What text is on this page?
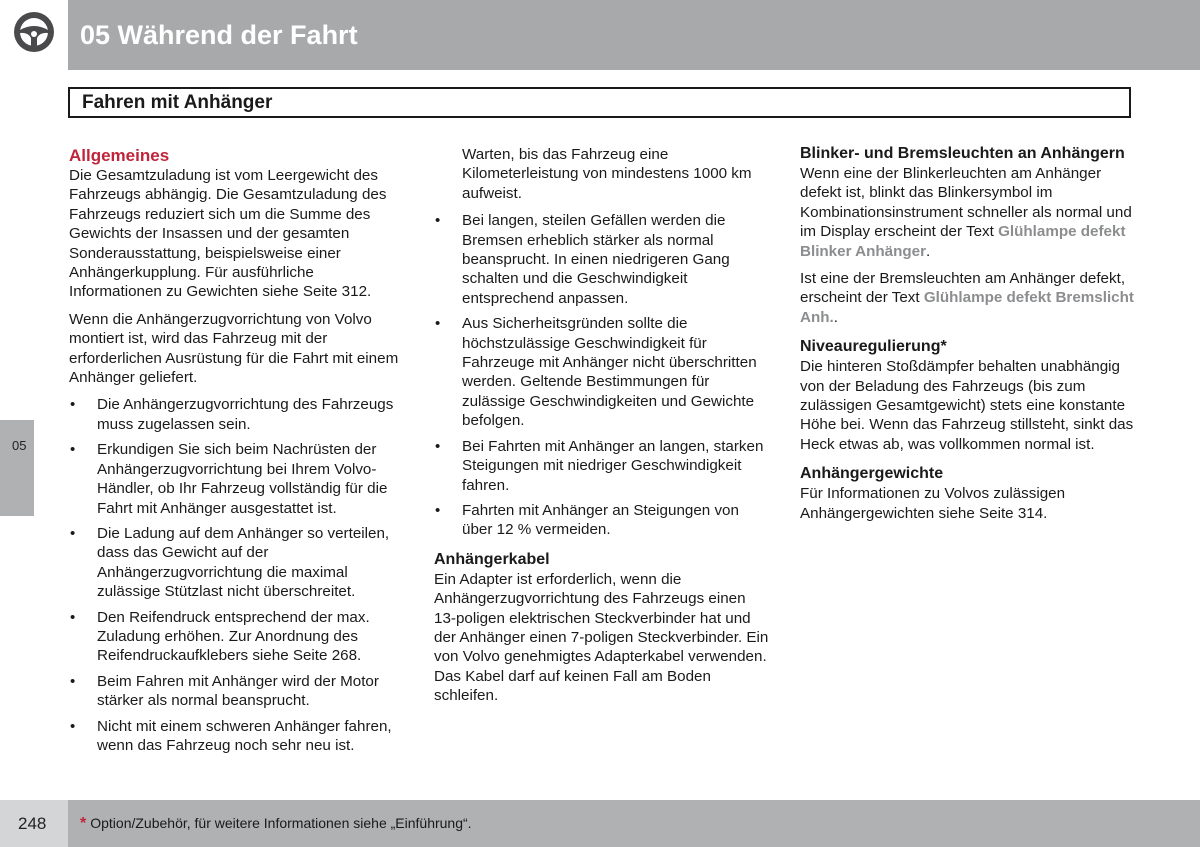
05 Während der Fahrt
05
Fahren mit Anhänger
Allgemeines

Die Gesamtzuladung ist vom Leergewicht des Fahrzeugs abhängig. Die Gesamtzuladung des Fahrzeugs reduziert sich um die Summe des Gewichts der Insassen und der gesamten Sonderausstattung, beispielsweise einer Anhängerkupplung. Für ausführliche Informationen zu Gewichten siehe Seite 312.

Wenn die Anhängerzugvorrichtung von Volvo montiert ist, wird das Fahrzeug mit der erforderlichen Ausrüstung für die Fahrt mit einem Anhänger geliefert.

• Die Anhängerzugvorrichtung des Fahrzeugs muss zugelassen sein.
• Erkundigen Sie sich beim Nachrüsten der Anhängerzugvorrichtung bei Ihrem Volvo-Händler, ob Ihr Fahrzeug vollständig für die Fahrt mit Anhänger ausgestattet ist.
• Die Ladung auf dem Anhänger so verteilen, dass das Gewicht auf der Anhängerzugvorrichtung die maximal zulässige Stützlast nicht überschreitet.
• Den Reifendruck entsprechend der max. Zuladung erhöhen. Zur Anordnung des Reifendruckaufklebers siehe Seite 268.
• Beim Fahren mit Anhänger wird der Motor stärker als normal beansprucht.
• Nicht mit einem schweren Anhänger fahren, wenn das Fahrzeug noch sehr neu ist.

Warten, bis das Fahrzeug eine Kilometerleistung von mindestens 1000 km aufweist.

• Bei langen, steilen Gefällen werden die Bremsen erheblich stärker als normal beansprucht. In einen niedrigeren Gang schalten und die Geschwindigkeit entsprechend anpassen.
• Aus Sicherheitsgründen sollte die höchstzulässige Geschwindigkeit für Fahrzeuge mit Anhänger nicht überschritten werden. Geltende Bestimmungen für zulässige Geschwindigkeiten und Gewichte befolgen.
• Bei Fahrten mit Anhänger an langen, starken Steigungen mit niedriger Geschwindigkeit fahren.
• Fahrten mit Anhänger an Steigungen von über 12 % vermeiden.
Anhängerkabel

Ein Adapter ist erforderlich, wenn die Anhängerzugvorrichtung des Fahrzeugs einen 13-poligen elektrischen Steckverbinder hat und der Anhänger einen 7-poligen Steckverbinder. Ein von Volvo genehmigtes Adapterkabel verwenden. Das Kabel darf auf keinen Fall am Boden schleifen.

Blinker- und Bremsleuchten an Anhängern

Wenn eine der Blinkerleuchten am Anhänger defekt ist, blinkt das Blinkersymbol im Kombinationsinstrument schneller als normal und im Display erscheint der Text Glühlampe defekt Blinker Anhänger.

Ist eine der Bremsleuchten am Anhänger defekt, erscheint der Text Glühlampe defekt Bremslicht Anh..

Niveauregulierung*

Die hinteren Stoßdämpfer behalten unabhängig von der Beladung des Fahrzeugs (bis zum zulässigen Gesamtgewicht) stets eine konstante Höhe bei. Wenn das Fahrzeug stillsteht, sinkt das Heck etwas ab, was vollkommen normal ist.

Anhängergewichte

Für Informationen zu Volvos zulässigen Anhängergewichten siehe Seite 314.

248 * Option/Zubehör, für weitere Informationen siehe „Einführung“.
